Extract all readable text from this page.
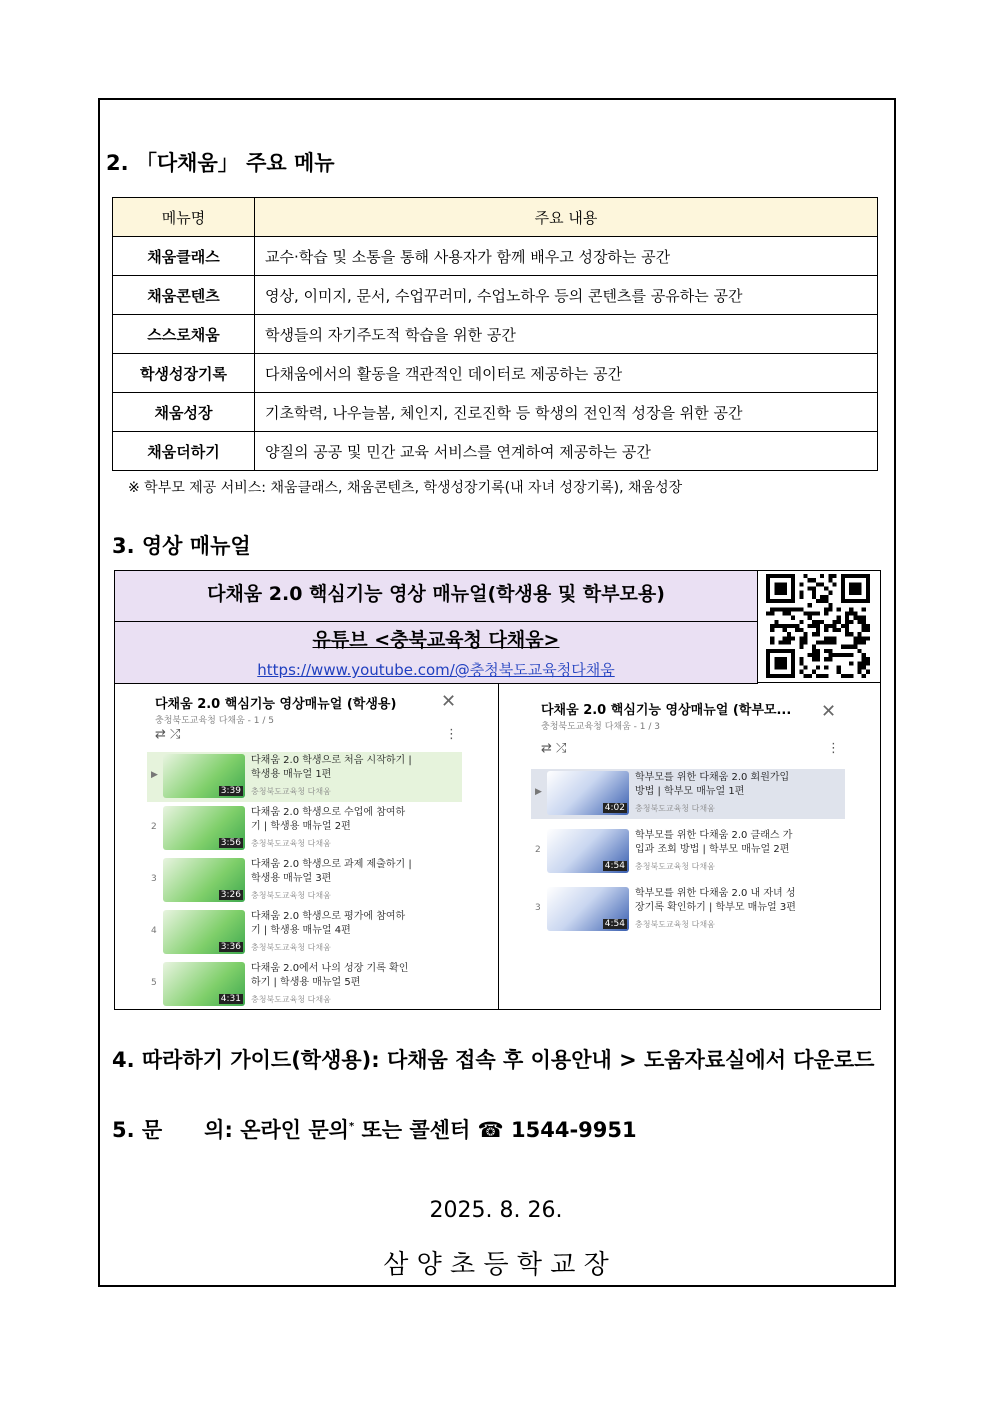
2. 「다채움」 주요 메뉴
메뉴명	주요 내용
채움클래스	교수·학습 및 소통을 통해 사용자가 함께 배우고 성장하는 공간
채움콘텐츠	영상, 이미지, 문서, 수업꾸러미, 수업노하우 등의 콘텐츠를 공유하는 공간
스스로채움	학생들의 자기주도적 학습을 위한 공간
학생성장기록	다채움에서의 활동을 객관적인 데이터로 제공하는 공간
채움성장	기초학력, 나우늘봄, 체인지, 진로진학 등 학생의 전인적 성장을 위한 공간
채움더하기	양질의 공공 및 민간 교육 서비스를 연계하여 제공하는 공간
※ 학부모 제공 서비스: 채움클래스, 채움콘텐츠, 학생성장기록(내 자녀 성장기록), 채움성장
3. 영상 매뉴얼
다채움 2.0 핵심기능 영상 매뉴얼(학생용 및 학부모용)
유튜브 <충북교육청 다채움>
https://www.youtube.com/@충청북도교육청다채움
다채움 2.0 핵심기능 영상매뉴얼 (학생용)
충청북도교육청 다채움 - 1 / 5
✕
⇄ ⤮	⋮
▶
3:39
다채움 2.0 학생으로 처음 시작하기 |
학생용 매뉴얼 1편
충청북도교육청 다채움
2
3:56
다채움 2.0 학생으로 수업에 참여하
기 | 학생용 매뉴얼 2편
충청북도교육청 다채움
3
3:26
다채움 2.0 학생으로 과제 제출하기 |
학생용 매뉴얼 3편
충청북도교육청 다채움
4
3:36
다채움 2.0 학생으로 평가에 참여하
기 | 학생용 매뉴얼 4편
충청북도교육청 다채움
5
4:31
다채움 2.0에서 나의 성장 기록 확인
하기 | 학생용 매뉴얼 5편
충청북도교육청 다채움
다채움 2.0 핵심기능 영상매뉴얼 (학부모...
충청북도교육청 다채움 - 1 / 3
✕
⇄ ⤮	⋮
▶
4:02
학부모를 위한 다채움 2.0 회원가입
방법 | 학부모 매뉴얼 1편
충청북도교육청 다채움
2
4:54
학부모를 위한 다채움 2.0 클래스 가
입과 조회 방법 | 학부모 매뉴얼 2편
충청북도교육청 다채움
3
4:54
학부모를 위한 다채움 2.0 내 자녀 성
장기록 확인하기 | 학부모 매뉴얼 3편
충청북도교육청 다채움
4. 따라하기 가이드(학생용): 다채움 접속 후 이용안내 > 도움자료실에서 다운로드
5. 문　　의: 온라인 문의* 또는 콜센터 ☎ 1544-9951
2025. 8. 26.
삼 양 초 등 학 교 장
